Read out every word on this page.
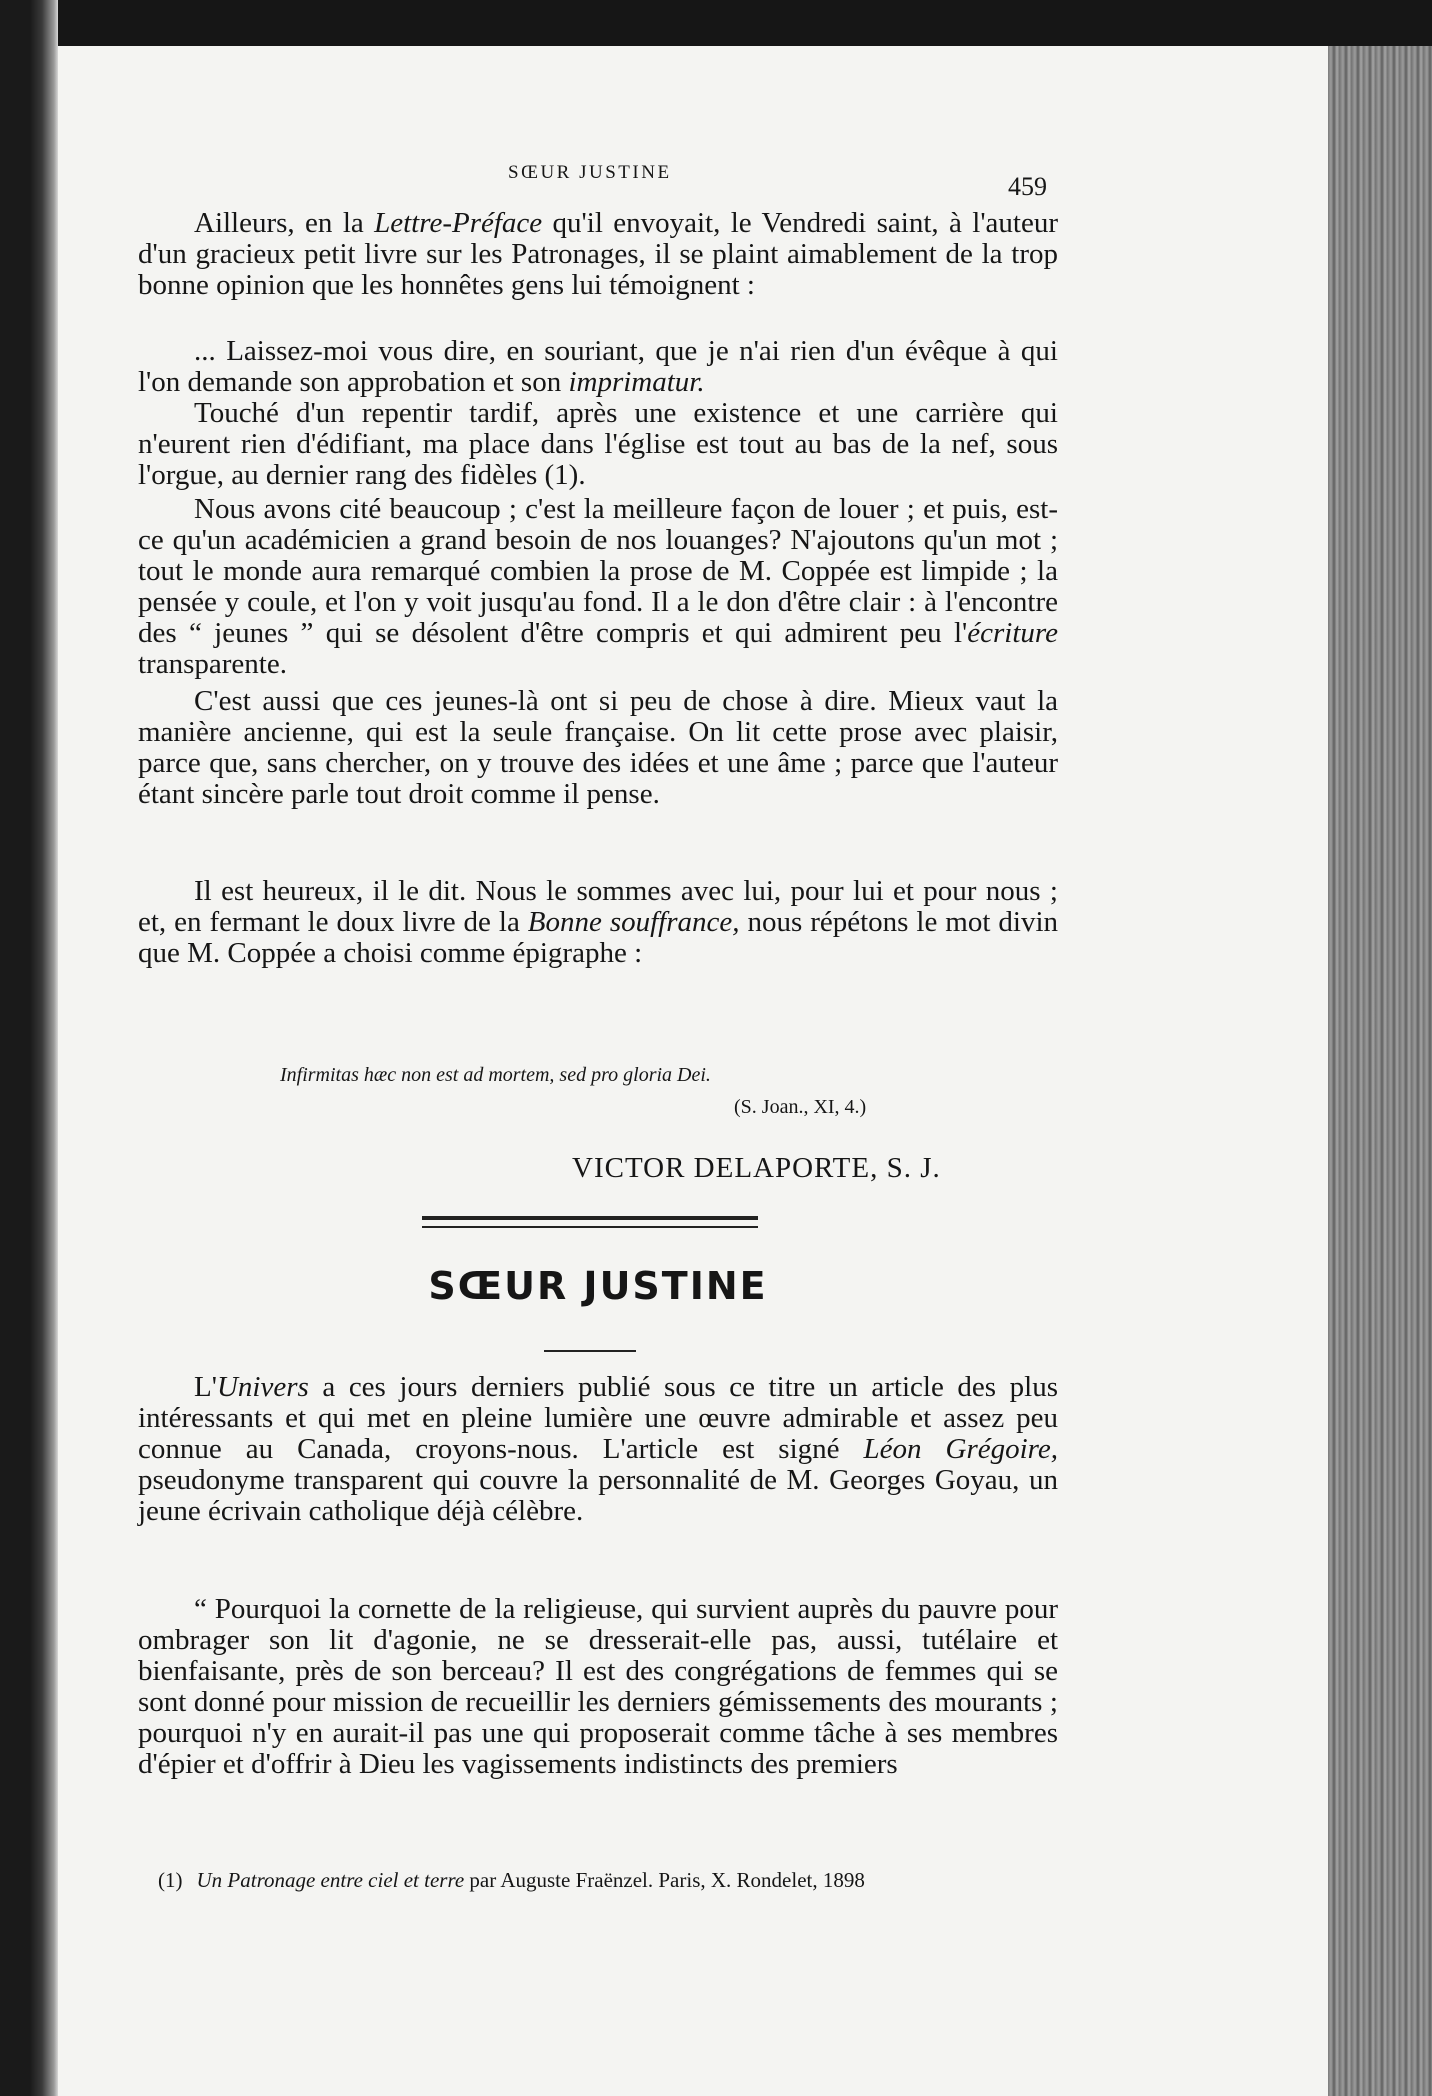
SŒUR JUSTINE	459

Ailleurs, en la Lettre-Préface qu'il envoyait, le Vendredi saint, à l'auteur d'un gracieux petit livre sur les Patronages, il se plaint aimablement de la trop bonne opinion que les honnêtes gens lui témoignent :

... Laissez-moi vous dire, en souriant, que je n'ai rien d'un évêque à qui l'on demande son approbation et son imprimatur.

Touché d'un repentir tardif, après une existence et une carrière qui n'eurent rien d'édifiant, ma place dans l'église est tout au bas de la nef, sous l'orgue, au dernier rang des fidèles (1).

Nous avons cité beaucoup ; c'est la meilleure façon de louer ; et puis, est-ce qu'un académicien a grand besoin de nos louanges? N'ajoutons qu'un mot ; tout le monde aura remarqué combien la prose de M. Coppée est limpide ; la pensée y coule, et l'on y voit jusqu'au fond. Il a le don d'être clair : à l'encontre des “ jeunes ” qui se désolent d'être compris et qui admirent peu l'écriture transparente.

C'est aussi que ces jeunes-là ont si peu de chose à dire. Mieux vaut la manière ancienne, qui est la seule française. On lit cette prose avec plaisir, parce que, sans chercher, on y trouve des idées et une âme ; parce que l'auteur étant sincère parle tout droit comme il pense.

Il est heureux, il le dit. Nous le sommes avec lui, pour lui et pour nous ; et, en fermant le doux livre de la Bonne souffrance, nous répétons le mot divin que M. Coppée a choisi comme épigraphe :

Infirmitas hæc non est ad mortem, sed pro gloria Dei.
(S. Joan., XI, 4.)
VICTOR DELAPORTE, S. J.
SŒUR JUSTINE

L'Univers a ces jours derniers publié sous ce titre un article des plus intéressants et qui met en pleine lumière une œuvre admirable et assez peu connue au Canada, croyons-nous. L'article est signé Léon Grégoire, pseudonyme transparent qui couvre la personnalité de M. Georges Goyau, un jeune écrivain catholique déjà célèbre.

“ Pourquoi la cornette de la religieuse, qui survient auprès du pauvre pour ombrager son lit d'agonie, ne se dresserait-elle pas, aussi, tutélaire et bienfaisante, près de son berceau? Il est des congrégations de femmes qui se sont donné pour mission de recueillir les derniers gémissements des mourants ; pourquoi n'y en aurait-il pas une qui proposerait comme tâche à ses membres d'épier et d'offrir à Dieu les vagissements indistincts des premiers

(1) Un Patronage entre ciel et terre par Auguste Fraënzel. Paris, X. Rondelet, 1898
